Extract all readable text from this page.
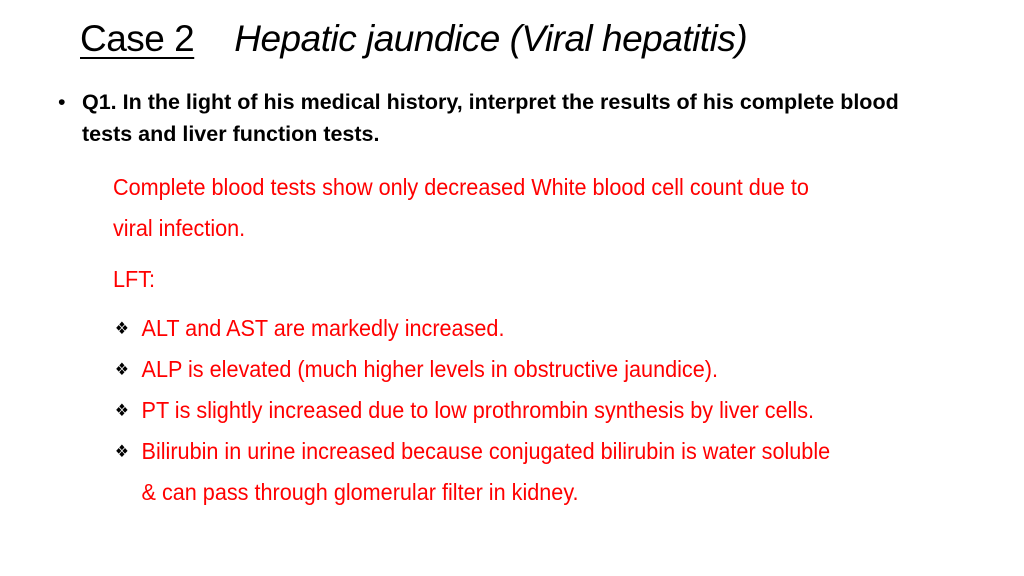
Case 2 Hepatic jaundice (Viral hepatitis)
• Q1. In the light of his medical history, interpret the results of his complete blood tests and liver function tests.

Complete blood tests show only decreased White blood cell count due to viral infection.

LFT:

❖ ALT and AST are markedly increased.
❖ ALP is elevated (much higher levels in obstructive jaundice).
❖ PT is slightly increased due to low prothrombin synthesis by liver cells.
❖ Bilirubin in urine increased because conjugated bilirubin is water soluble & can pass through glomerular filter in kidney.
